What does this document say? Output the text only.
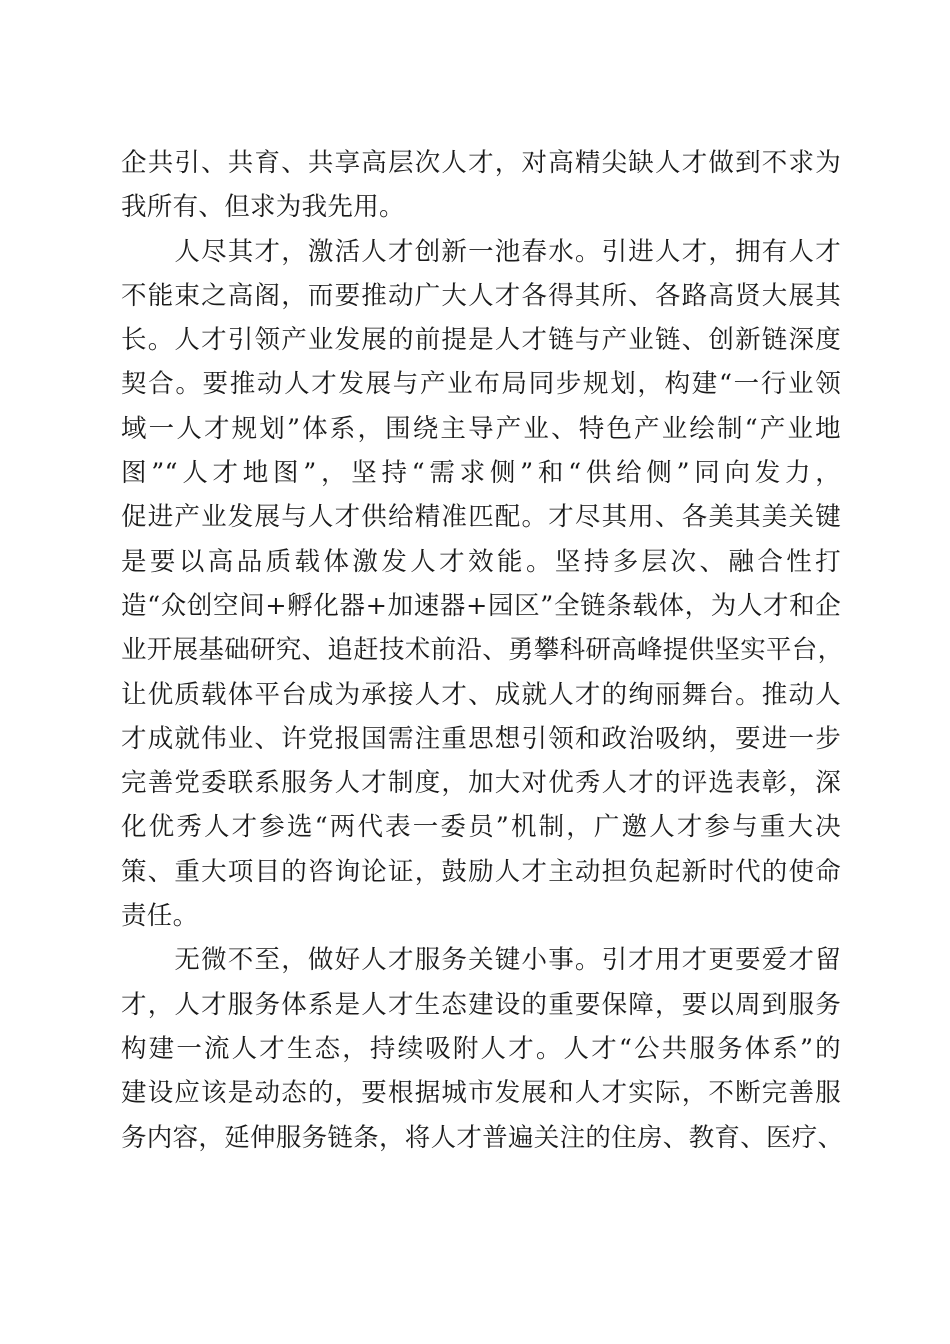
企共引、共育、共享高层次人才，对高精尖缺人才做到不求为
我所有、但求为我先用。
　　人尽其才，激活人才创新一池春水。引进人才，拥有人才
不能束之高阁，而要推动广大人才各得其所、各路高贤大展其
长。人才引领产业发展的前提是人才链与产业链、创新链深度
契合。要推动人才发展与产业布局同步规划，构建“一行业领
域一人才规划”体系，围绕主导产业、特色产业绘制“产业地
图”“人才地图”，坚持“需求侧”和“供给侧”同向发力，
促进产业发展与人才供给精准匹配。才尽其用、各美其美关键
是要以高品质载体激发人才效能。坚持多层次、融合性打
造“众创空间+孵化器+加速器+园区”全链条载体，为人才和企
业开展基础研究、追赶技术前沿、勇攀科研高峰提供坚实平台，
让优质载体平台成为承接人才、成就人才的绚丽舞台。推动人
才成就伟业、许党报国需注重思想引领和政治吸纳，要进一步
完善党委联系服务人才制度，加大对优秀人才的评选表彰，深
化优秀人才参选“两代表一委员”机制，广邀人才参与重大决
策、重大项目的咨询论证，鼓励人才主动担负起新时代的使命
责任。
　　无微不至，做好人才服务关键小事。引才用才更要爱才留
才，人才服务体系是人才生态建设的重要保障，要以周到服务
构建一流人才生态，持续吸附人才。人才“公共服务体系”的
建设应该是动态的，要根据城市发展和人才实际，不断完善服
务内容，延伸服务链条，将人才普遍关注的住房、教育、医疗、
